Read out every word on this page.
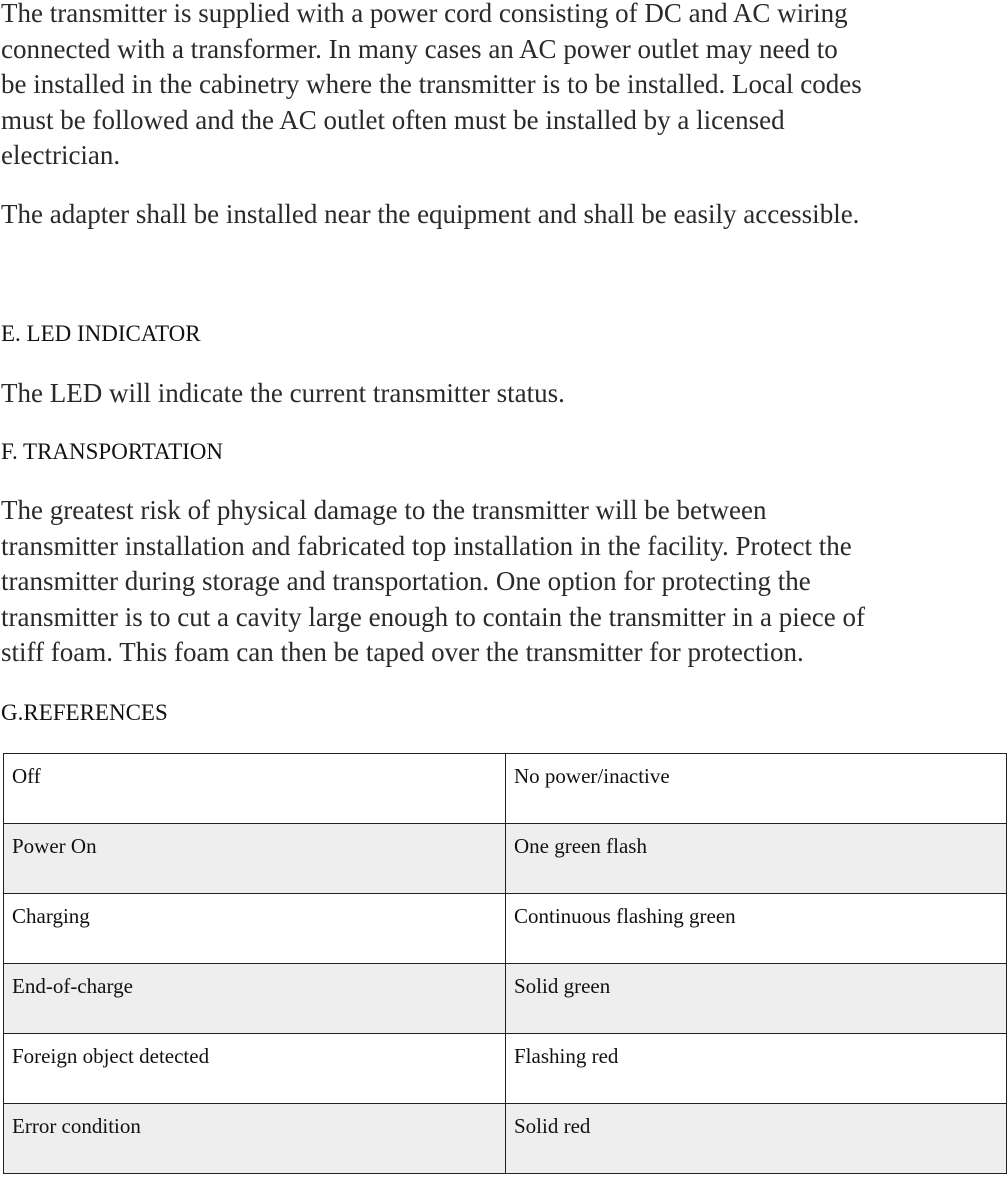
The transmitter is supplied with a power cord consisting of DC and AC wiring
connected with a transformer. In many cases an AC power outlet may need to
be installed in the cabinetry where the transmitter is to be installed. Local codes
must be followed and the AC outlet often must be installed by a licensed
electrician.

The adapter shall be installed near the equipment and shall be easily accessible.

E. LED INDICATOR

The LED will indicate the current transmitter status.

F. TRANSPORTATION

The greatest risk of physical damage to the transmitter will be between
transmitter installation and fabricated top installation in the facility. Protect the
transmitter during storage and transportation. One option for protecting the
transmitter is to cut a cavity large enough to contain the transmitter in a piece of
stiff foam. This foam can then be taped over the transmitter for protection.

G.REFERENCES
Off	No power/inactive
Power On	One green flash
Charging	Continuous flashing green
End-of-charge	Solid green
Foreign object detected	Flashing red
Error condition	Solid red
